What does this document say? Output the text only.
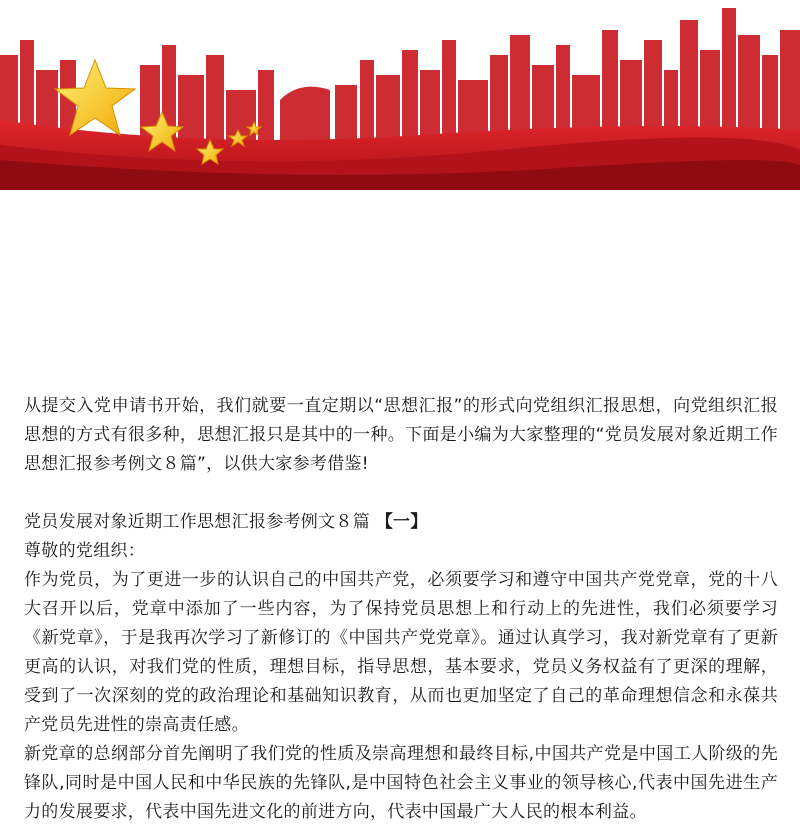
从提交入党申请书开始，我们就要一直定期以“思想汇报”的形式向党组织汇报思想，向党组织汇报思想的方式有很多种，思想汇报只是其中的一种。下面是小编为大家整理的“党员发展对象近期工作思想汇报参考例文８篇”，以供大家参考借鉴!

党员发展对象近期工作思想汇报参考例文８篇 【一】

尊敬的党组织：

作为党员，为了更进一步的认识自己的中国共产党，必须要学习和遵守中国共产党党章，党的十八大召开以后，党章中添加了一些内容，为了保持党员思想上和行动上的先进性，我们必须要学习《新党章》，于是我再次学习了新修订的《中国共产党党章》。通过认真学习，我对新党章有了更新更高的认识，对我们党的性质，理想目标，指导思想，基本要求，党员义务权益有了更深的理解，受到了一次深刻的党的政治理论和基础知识教育，从而也更加坚定了自己的革命理想信念和永葆共产党员先进性的崇高责任感。

新党章的总纲部分首先阐明了我们党的性质及崇高理想和最终目标,中国共产党是中国工人阶级的先锋队,同时是中国人民和中华民族的先锋队,是中国特色社会主义事业的领导核心,代表中国先进生产力的发展要求，代表中国先进文化的前进方向，代表中国最广大人民的根本利益。
